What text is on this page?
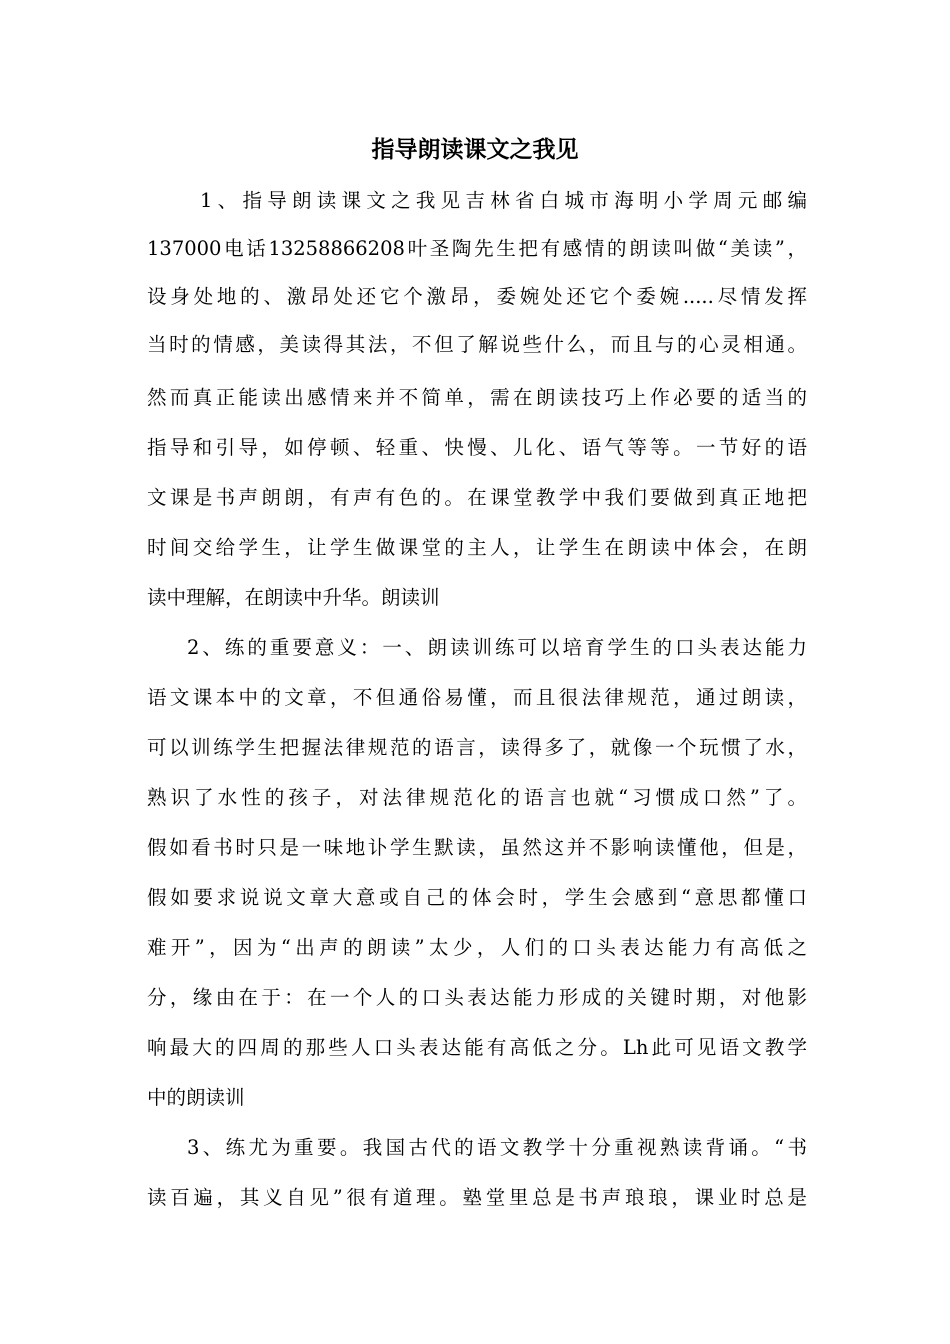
指导朗读课文之我见

1、指导朗读课文之我见吉林省白城市海明小学周元邮编

137000电话13258866208叶圣陶先生把有感情的朗读叫做“美读”，

设身处地的、激昂处还它个激昂，委婉处还它个委婉.....尽情发挥

当时的情感，美读得其法，不但了解说些什么，而且与的心灵相通。

然而真正能读出感情来并不简单，需在朗读技巧上作必要的适当的

指导和引导，如停顿、轻重、快慢、儿化、语气等等。一节好的语

文课是书声朗朗，有声有色的。在课堂教学中我们要做到真正地把

时间交给学生，让学生做课堂的主人，让学生在朗读中体会，在朗

读中理解，在朗读中升华。朗读训

2、练的重要意义：一、朗读训练可以培育学生的口头表达能力

语文课本中的文章，不但通俗易懂，而且很法律规范，通过朗读，

可以训练学生把握法律规范的语言，读得多了，就像一个玩惯了水，

熟识了水性的孩子，对法律规范化的语言也就“习惯成口然”了。

假如看书时只是一味地讣学生默读，虽然这并不影响读懂他，但是，

假如要求说说文章大意或自己的体会时，学生会感到“意思都懂口

难开”，因为“出声的朗读”太少，人们的口头表达能力有高低之

分，缘由在于：在一个人的口头表达能力形成的关键时期，对他影

响最大的四周的那些人口头表达能有高低之分。Lh此可见语文教学

中的朗读训

3、练尤为重要。我国古代的语文教学十分重视熟读背诵。“书

读百遍，其义自见”很有道理。塾堂里总是书声琅琅，课业时总是
